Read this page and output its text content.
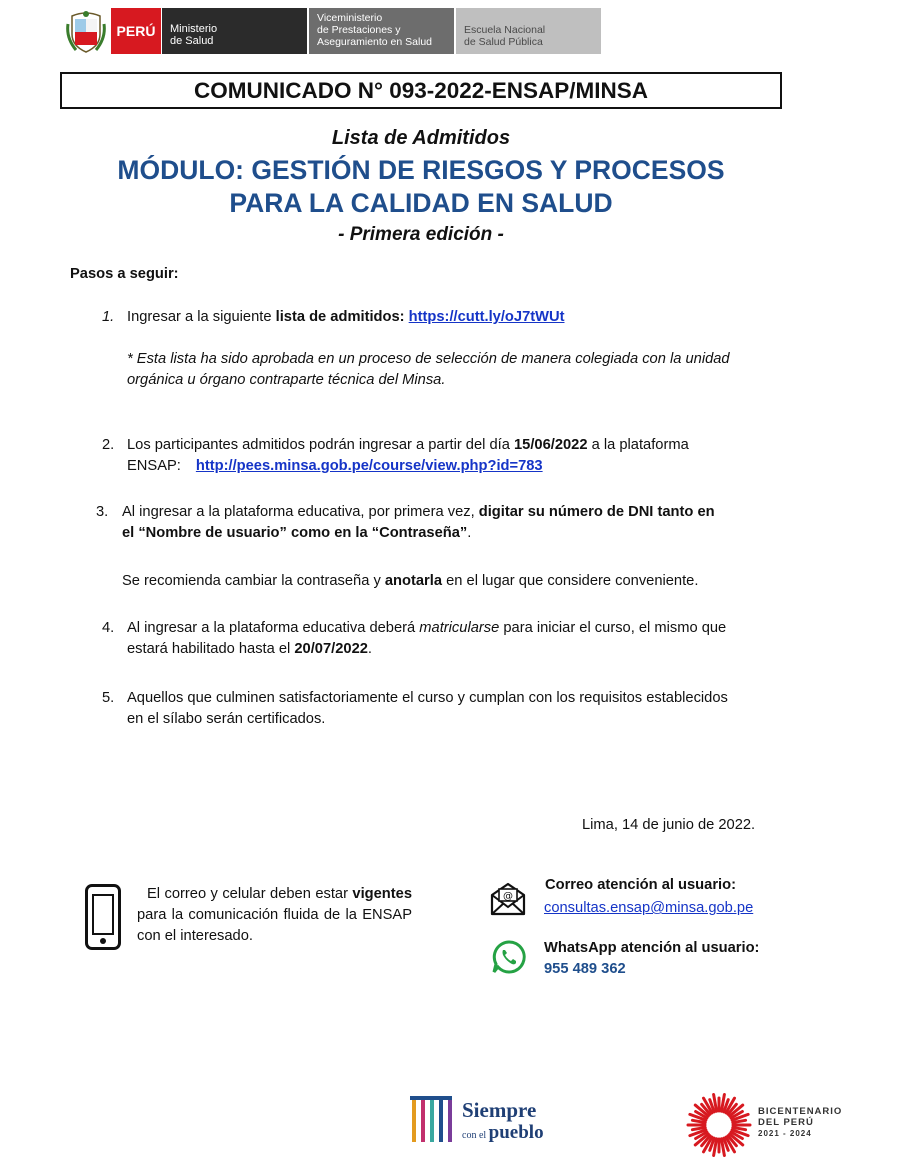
PERÚ Ministerio
de Salud
Viceministerio
de Prestaciones y
Aseguramiento en Salud
Escuela Nacional
de Salud Pública
COMUNICADO N° 093-2022-ENSAP/MINSA
Lista de Admitidos
MÓDULO: GESTIÓN DE RIESGOS Y PROCESOS
PARA LA CALIDAD EN SALUD
- Primera edición -
Pasos a seguir:
1. Ingresar a la siguiente lista de admitidos: https://cutt.ly/oJ7tWUt
* Esta lista ha sido aprobada en un proceso de selección de manera colegiada con la unidad
orgánica u órgano contraparte técnica del Minsa.
2. Los participantes admitidos podrán ingresar a partir del día 15/06/2022 a la plataforma
ENSAP: http://pees.minsa.gob.pe/course/view.php?id=783
3. Al ingresar a la plataforma educativa, por primera vez, digitar su número de DNI tanto en
el “Nombre de usuario” como en la “Contraseña”.
Se recomienda cambiar la contraseña y anotarla en el lugar que considere conveniente.
4. Al ingresar a la plataforma educativa deberá matricularse para iniciar el curso, el mismo que
estará habilitado hasta el 20/07/2022.
5. Aquellos que culminen satisfactoriamente el curso y cumplan con los requisitos establecidos
en el sílabo serán certificados.
Lima, 14 de junio de 2022.
El correo y celular deben estar vigentes para la comunicación fluida de la ENSAP con el interesado.
@
Correo atención al usuario:
consultas.ensap@minsa.gob.pe
WhatsApp atención al usuario:
955 489 362
Siempre
con el pueblo
BICENTENARIO
DEL PERÚ
2021 - 2024
